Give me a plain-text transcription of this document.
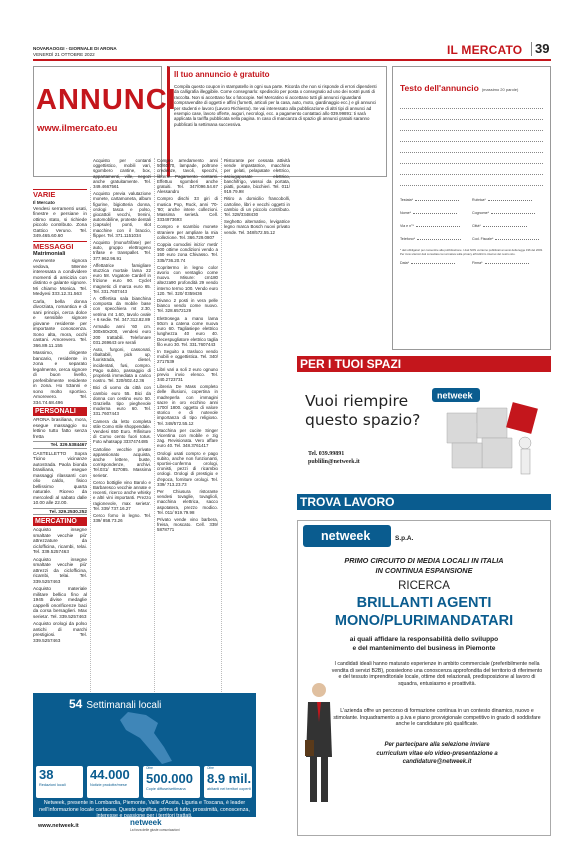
NOVARAOGGI - GIORNALE DI ARONA
VENERDÌ 21 OTTOBRE 2022	IL MERCATO 39
ANNUNCI
www.ilmercato.eu
Il tuo annuncio è gratuito
Compila questo coupon in stampatello in ogni sua parte. Ricorda che non si risponde di errori dipendenti da calligrafia illeggibile. Come consegnarlo: spediscilo per posta o consegnalo ad uno dei nostri punti di raccolta. Non si accettano fax o fotocopie. Nel Mercatino si accettano tutti gli annunci riguardanti compravendite di oggetti e affini (furnetti, articoli per la casa, auto, moto, giardinaggio ecc.) e gli annunci per studenti e lavoro (Lavoro Richiesto). Se vai interessato alla pubblicazione di altri tipi di annunci ad esempio case, lavoro offerte, auguri, necrologi, ecc. a pagamento contattaci allo 039.99891: ti sarà applicata la tariffa pubblicata nella pagina. In caso di mancanza di spazio gli annunci gratuiti saranno pubblicati la settimana successiva.
Testo dell'annuncio (massimo 20 parole)
Testata*	Rubrica*
Nome*	Cognome*
Via e n°*	Città*
Telefono*	Cod. Fiscale*
* dati obbligatori per consentire alla pubblicazione. I dati NON verranno pubblicati ai sensi della legge 196 del 2003. Per invio ulteriori dati consultare la normativa sulla privacy all'indirizzo internet del nostro sito.
Data*	Firma*
VARIE

Il Mercato
Vendesi serramenti usati, finestre e persiane in ottimo stato, si richiede piccolo contributo. Zona Gattico Veruno. Tel. 349.465.60.60

MESSAGGI
Matrimoniali

Avvenente signora vedova, 58enne interessata a condividere momenti di amicizia con distinto e galante signore. Mi chiamo Monica. Tel. Medyesi 333.12.31.563

Carla, bella donna divorziata, romantica e di sani principi, cerca dolce e sensibile signore giovane residente per importante conoscenza. Sono alta, mora, occhi castani. Amorevero. Tel. 366.89.11.155

Massimo, dirigente bancario, residente in zona e separato legalmente, cerca signore di buon livello, preferibilmente residente in zona. Ho 53anni e sono molto sportivo. Amorevero. Tel. 334.74.68.496

PERSONALI

ARONA brasiliana, mora, esegue massaggio su lettino tutto fatto senza fretta

Tel. 329.5384467

CASTELLETTO Sopra Ticino vicinanze autostrada. Paola bionda brasiliana, esegue massaggi rilassanti con olio caldo, fisico bellissimo quarta naturale. Ricevo da mercoledì al sabato dalle 10.00 alle 22.00.

Tel. 329.2530.252
MERCATINO

Acquisto insegne smaltate vecchie più' attrezzature da ciclofficina, ricambi, telai. Tel. 339.5257463

Acquisto insegne smaltate vecchie più' attrezzi da ciclofficina, ricambi, telai. Tel. 339.5257463

Acquisto materiale militare bellico fino al 1945 divise medaglie cappelli onorificenze baci da corsa bersaglieri. Max serieta'. Tel. 339.5257463

Acquisto orologi da polso antichi di marchi prestigiosi. Tel. 339.5257463

Acquisto per contanti oggettistico, mobili vari, sgombero cantine, box, appartamenti, ville, negozi anche gratuitamente. Tel. 349.4667561

Acquisto previa valutazione monete, cartamoneta, album figurine, bigiotteria donna, orologi tasca e polso, giocattoli vecchi, trenini, automobiline, proteste dentali (capsule) ponti, slot macchine con il braccio, flipper. Tel. 371.1151034

Acquisto (mono/trifase) per auto, gruppo elettrogeno trifase e transpallet. Tel. 377.962.96.91

Affettatrice famigliare stuzzica mortale lama 22 euro 58. Vogatore Cardell in frizione euro 90. Cyclet magnetic di marca euro 65. Tel. 331.7607443

A Offertisa sala bianchina composta da mobile base con specchiera mt 2.30, vetrina mt 1.60, tavolo ovale + 6 sedie. Tel. 347.312.82.89

Armadio anni '60 cm. 300x60x200, vendesi euro 200 trattabili. Telefonare 031.269643 ore serali

Auto, furgoni, cassonati, ribaltabili, pick up, fuoristrada, diesel, incidentati, fusi, compro. Pago subito, passaggio di proprietà immediata a carico nostro. Tel. 320/602.42.36

Bici di uomo da città con cambio euro 55. Bici da donna con cestino euro 50. Graziella tipo pieghevole moderna euro 60. Tel. 331.7607443

Camera da letto completa stile Como stile shoppendale. Vendesi 650 Euro. Rifiniture di Como cento fuori totus. Foto whatsapp 3337474485

Cartoline vecchie private appassionato acquista, anche lettere, buste, corrispondenze, archivi. Tel.031/ 927085. Massima serieta'.

Cerco bottiglie vino Barolo e Barbaresco vecchie annate e recenti, ricerco anche whisky e altri vini importanti. Prezzo ragionevole, max serieta'. Tel. 339/ 737.16.27

Cerco forno in legno. Tel. 339/ 858.73.26

Compro arredamento anni 50/60/70, lampade, poltrone credenze, tavoli, specchi, librerie. Pagamento contanti. Effettuo sgomberi anche gratuiti. Tel. 347/096.54.67 Alessandro

Compro dischi 33 giri di musica Pop, Rock, anni '70-'80; anche intere collezioni. Massima serietà. Cell. 3334973693

Compro e scambio monete straniere per ampliare la mia collezione. Tel. 366.729.0807

Coppia comodini inizio' metà' 900 ottime condizioni vendo a 150 euro zona Chivasso. Tel. 335/736.20.74

Copritermo in legno color avorio con ventaglio come nuovo. Misure: cm180 altezza90 profondità 29 vendo interno termo 100. Vendo euro 120. Tel. 320/ 0359436

Divano 2 posti in vera pelle bianco vendo come nuovo. Tel. 328.6572129

Elettrosega a mano lama 50cm a catena come nuova euro 60. Tagliasiepe elettrico lunghezza 40 euro 40. Decespugliatore elettrico taglia filo euro 30. Tel. 331.7607443

In Seguito a trasloco vendo mobili e oggettistica. Tel. 340/ 2717539

Libri vari a soli 2 euro ognuno previo invio elenco. Tel. 340.2723731

Libreria De Mass completo delle illusioni, copertina in madreperla con immagini sacre in oro ecchino anni 1700/ 1800. oggetto di valore storico e di notevole importanza di tipo religioso. Tel. 348/572.55.12

Macchina per cucire Singer Vicentina con mobile e zig zag. Revisionata. Vero affare euro 40. Tel. 348.3761417

Orologi usati compro e pago subito, anche non funzionanti, sportivi-conferma orologi, cronisti, pezzi di ricambio orologi. Orologi di prestigio e d'epoca, forniture orologi. Tel. 339/ 713.23.73

Per Chiusura ristorante vendesi tovaglie, tovaglioli, macchina elettrica, sacco aspotatera, prezzo modico. Tel. 011/ 919.79.98

Privato vende vino barbera, freisa, moscato. Cell. 339/ 5878771

Ristorante per cessata attività vende impastatrice, macchina per gelati, pelapatate elettrico, asciugaposate elettrico, banchifrigo, vassoi da portata, piatti, posate, bicchieri. Tel. 011/ 919.79.98

Ritiro a domicilio francobolli, cartoline, libri e vecchi oggetti in cambio di un piccolo contributo. Tel. 328/3348430

Seghetto alternativo, levigatrice legno marca Bosch nuovi privato vende. Tel. 348/572.55.12

PER I TUOI SPAZI
netweek
Vuoi riempire
questo spazio?
Tel. 039.99891
publilin@netweek.it
TROVA LAVORO
netweek	S.p.A.
PRIMO CIRCUITO DI MEDIA LOCALI IN ITALIA
IN CONTINUA ESPANSIONE
RICERCA
BRILLANTI AGENTI
MONO/PLURIMANDATARI
ai quali affidare la responsabilità dello sviluppo
e del mantenimento del business in Piemonte
I candidati ideali hanno maturato esperienze in ambito commerciale (preferibilmente nella vendita di servizi B2B), possiedono una conoscenza approfondita del territorio di riferimento e del tessuto imprenditoriale locale, ottime doti relazionali, predisposizione al lavoro di squadra, entusiasmo e proattività.
L'azienda offre un percorso di formazione continua in un contesto dinamico, nuovo e stimolante. Inquadramento a p.iva e piano provvigionale competitivo in grado di soddisfare anche le candidature più qualificate.
Per partecipare alla selezione inviare
curriculum vitae e/o video-presentazione a
candidature@netweek.it
54 Settimanali locali
38
Redazioni locali
44.000
Notizie prodotte/mese
Oltre
500.000
Copie diffuse/settimana
Oltre
8.9 mil.
abitanti nei territori coperti
Netweek, presente in Lombardia, Piemonte, Valle d'Aosta, Liguria e Toscana, è leader nell'informazione locale cartacea. Questo significa, prima di tutto, prossimità, conoscenza,
www.netweek.it	netweek
La forza delle giuste comunicazioni
